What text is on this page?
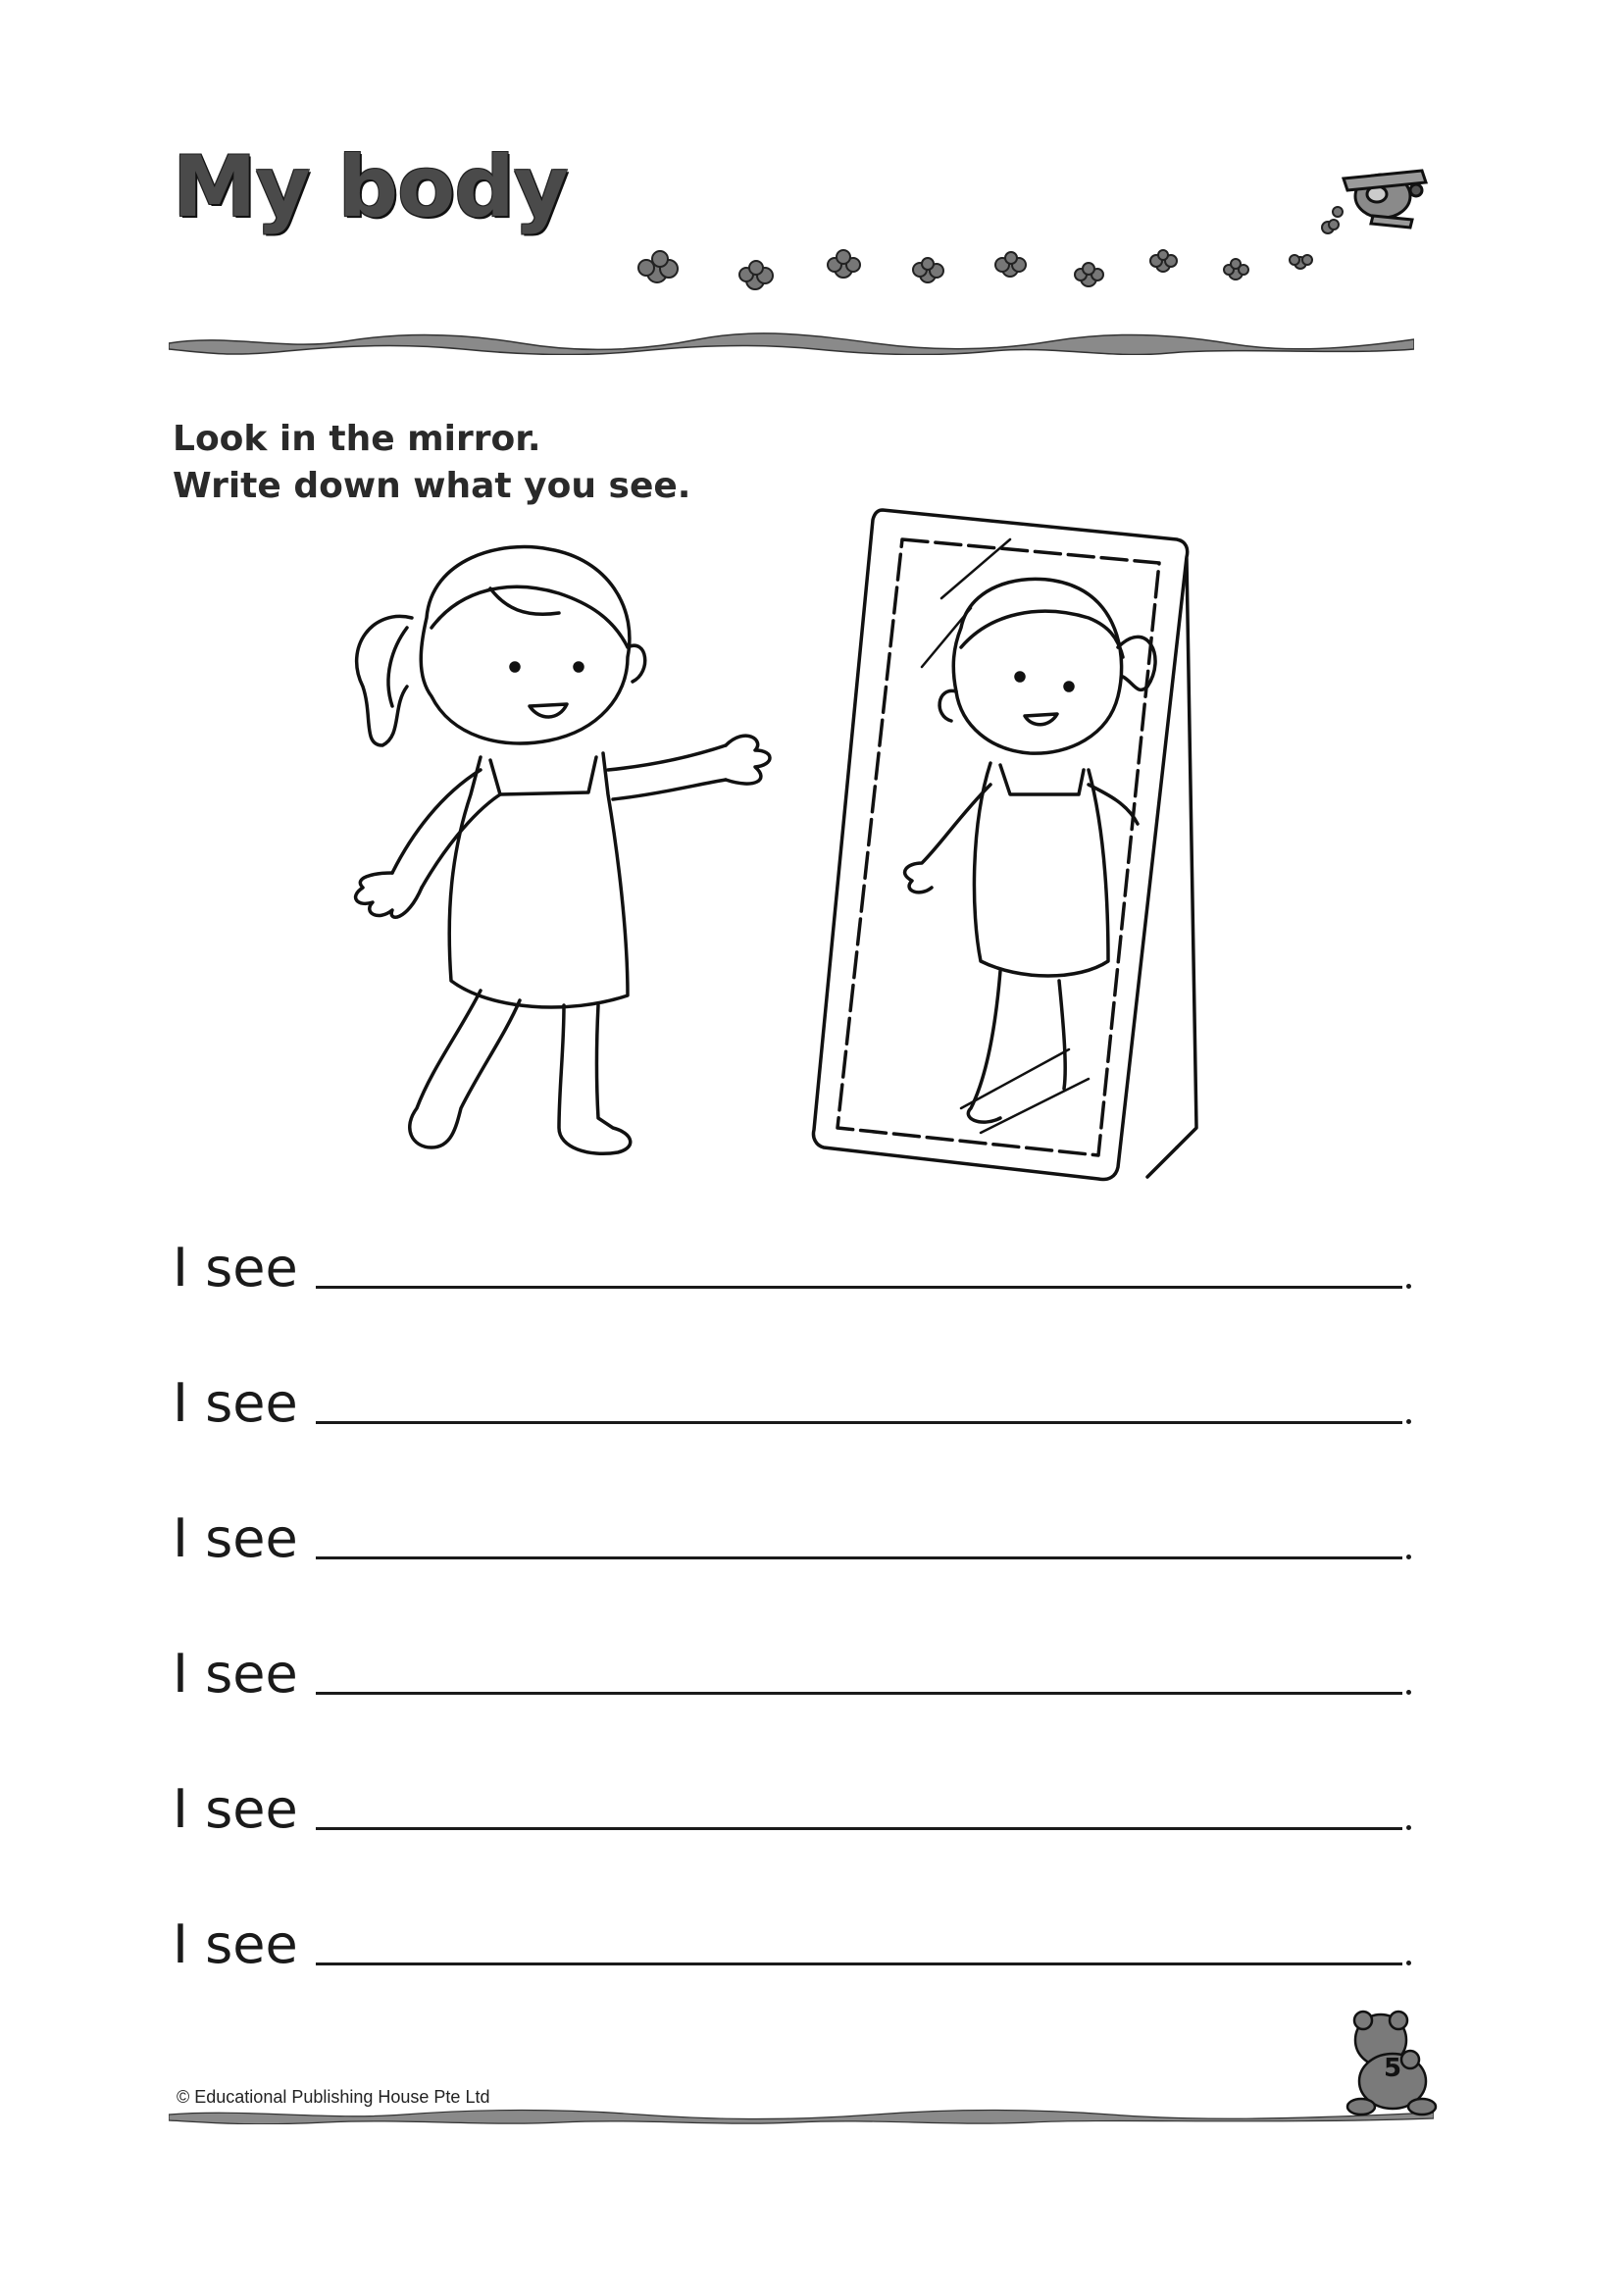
My body
Look in the mirror.
Write down what you see.
I see
I see
I see
I see
I see
I see
© Educational Publishing House Pte Ltd
5
